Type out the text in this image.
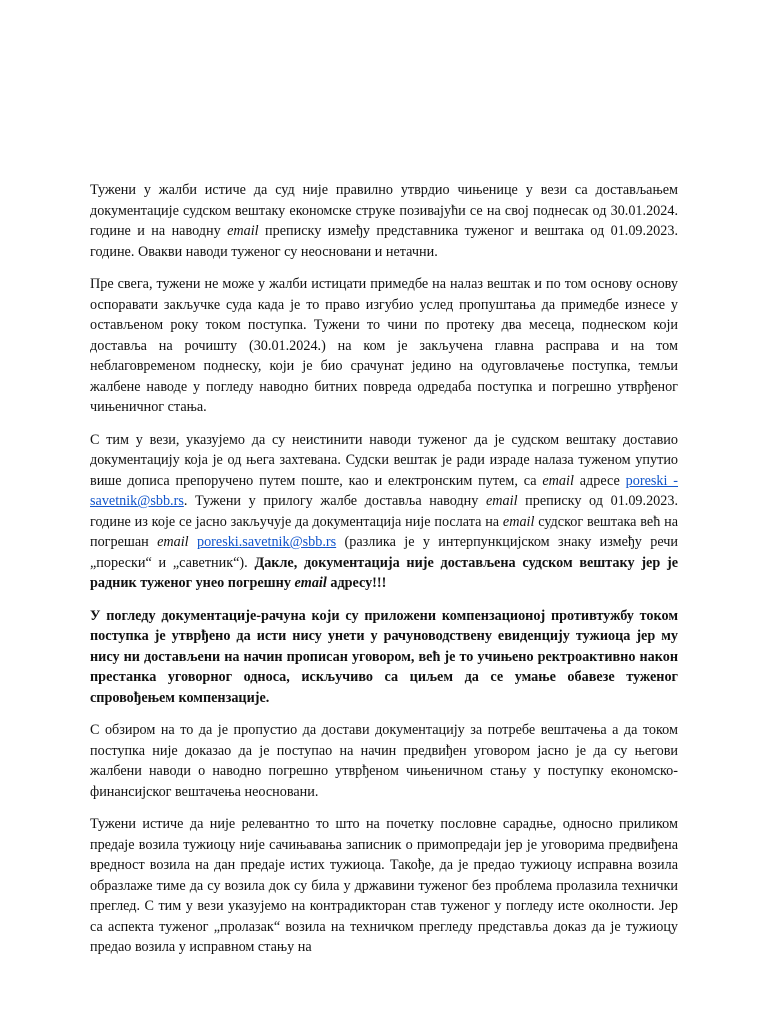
Тужени у жалби истиче да суд није правилно утврдио чињенице у вези са достављањем документације судском вештаку економске струке позивајући се на свој поднесак од 30.01.2024. године и на наводну email преписку између представника туженог и вештака од 01.09.2023. године. Овакви наводи туженог су неосновани и нетачни.

Пре свега, тужени не може у жалби истицати примедбе на налаз вештак и по том основу основу оспоравати закључке суда када је то право изгубио услед пропуштања да примедбе изнесе у остављеном року током поступка. Тужени то чини по протеку два месеца, поднеском који доставља на рочишту (30.01.2024.) на ком је закључена главна расправа и на том неблаговременом поднеску, који је био срачунат једино на одуговлачење поступка, темљи жалбене наводе у погледу наводно битних повреда одредаба поступка и погрешно утврђеног чињеничног стања.

С тим у вези, указујемо да су неистинити наводи туженог да је судском вештаку доставио документацију која је од њега захтевана. Судски вештак је ради израде налаза туженом упутио више дописа препоручено путем поште, као и електронским путем, са email адресе poreski - savetnik@sbb.rs. Тужени у прилогу жалбе доставља наводну email преписку од 01.09.2023. године из које се јасно закључује да документација није послата на email судског вештака већ на погрешан email poreski.savetnik@sbb.rs (разлика је у интерпункцијском знаку између речи „порески“ и „саветник“). Дакле, документација није достављена судском вештаку јер је радник туженог унео погрешну email адресу!!!

У погледу документације-рачуна који су приложени компензационој противтужбу током поступка је утврђено да исти нису унети у рачуноводствену евиденцију тужиоца јер му нису ни достављени на начин прописан уговором, већ је то учињено ректроактивно након престанка уговорног односа, искључиво са циљем да се умање обавезе туженог спровођењем компензације.

С обзиром на то да је пропустио да достави документацију за потребе вештачења а да током поступка није доказао да је поступао на начин предвиђен уговором јасно је да су његови жалбени наводи о наводно погрешно утврђеном чињеничном стању у поступку економско-финансијског вештачења неосновани.

Тужени истиче да није релевантно то што на почетку пословне сарадње, односно приликом предаје возила тужиоцу није сачињавања записник о примопредаји јер је уговорима предвиђена вредност возила на дан предаје истих тужиоца. Такође, да је предао тужиоцу исправна возила образлаже тиме да су возила док су била у државини туженог без проблема пролазила технички преглед. С тим у вези указујемо на контрадикторан став туженог у погледу исте околности. Јер са аспекта туженог „пролазак“ возила на техничком прегледу представља доказ да је тужиоцу предао возила у исправном стању на
